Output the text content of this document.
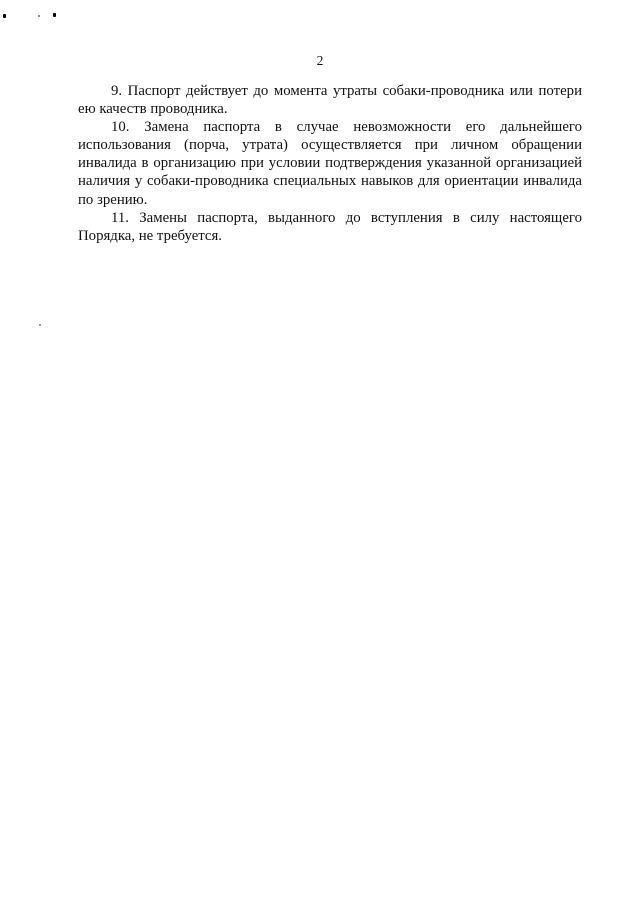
2

9. Паспорт действует до момента утраты собаки-проводника или потери ею качеств проводника.

10. Замена паспорта в случае невозможности его дальнейшего использования (порча, утрата) осуществляется при личном обращении инвалида в организацию при условии подтверждения указанной организацией наличия у собаки-проводника специальных навыков для ориентации инвалида по зрению.

11. Замены паспорта, выданного до вступления в силу настоящего Порядка, не требуется.
